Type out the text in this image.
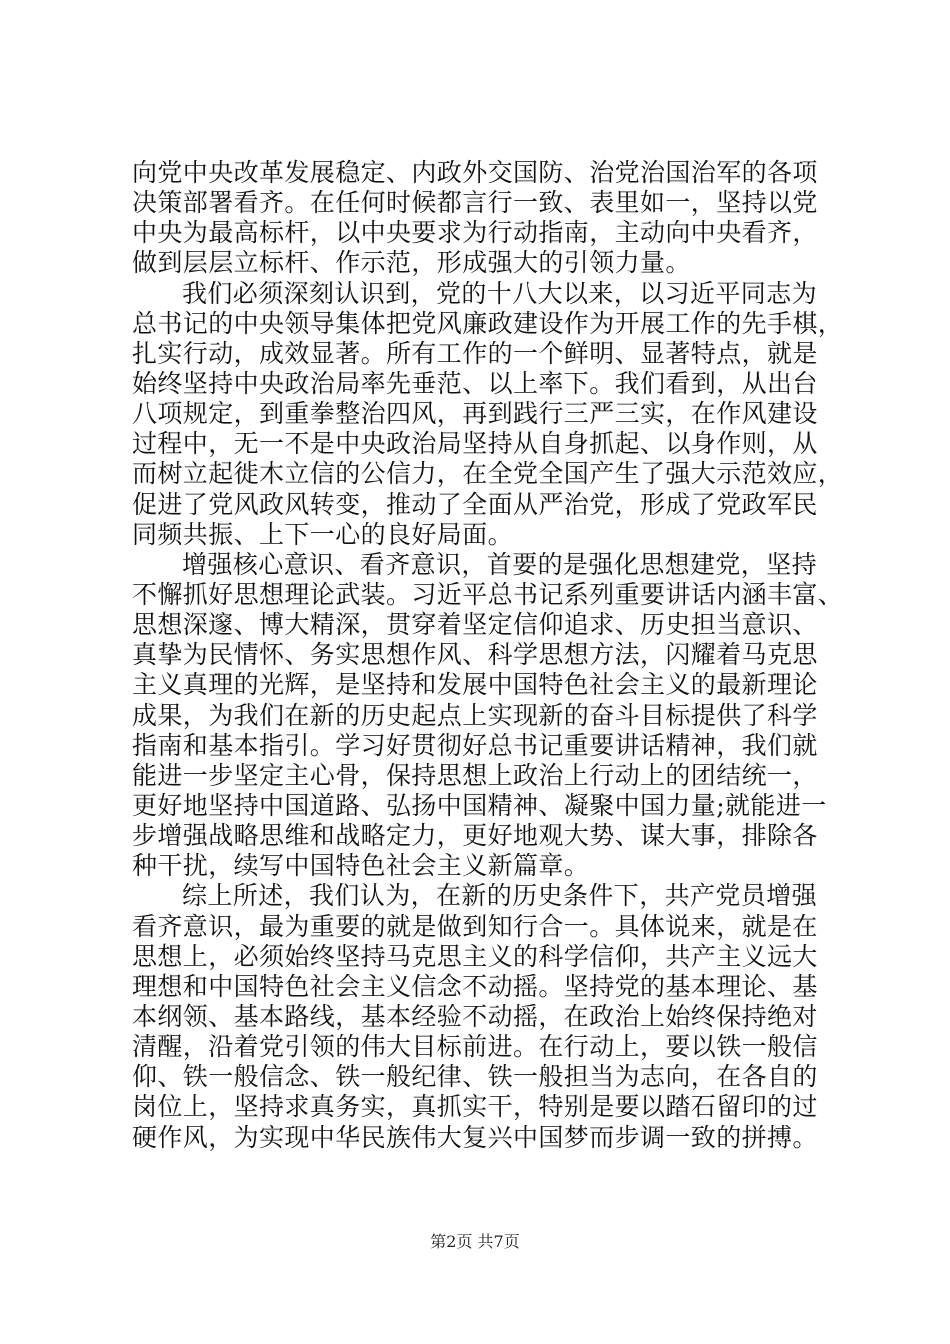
向党中央改革发展稳定、内政外交国防、治党治国治军的各项
决策部署看齐。在任何时候都言行一致、表里如一，坚持以党
中央为最高标杆，以中央要求为行动指南，主动向中央看齐，
做到层层立标杆、作示范，形成强大的引领力量。
我们必须深刻认识到，党的十八大以来，以习近平同志为
总书记的中央领导集体把党风廉政建设作为开展工作的先手棋，
扎实行动，成效显著。所有工作的一个鲜明、显著特点，就是
始终坚持中央政治局率先垂范、以上率下。我们看到，从出台
八项规定，到重拳整治四风，再到践行三严三实，在作风建设
过程中，无一不是中央政治局坚持从自身抓起、以身作则，从
而树立起徙木立信的公信力，在全党全国产生了强大示范效应，
促进了党风政风转变，推动了全面从严治党，形成了党政军民
同频共振、上下一心的良好局面。
增强核心意识、看齐意识，首要的是强化思想建党，坚持
不懈抓好思想理论武装。习近平总书记系列重要讲话内涵丰富、
思想深邃、博大精深，贯穿着坚定信仰追求、历史担当意识、
真挚为民情怀、务实思想作风、科学思想方法，闪耀着马克思
主义真理的光辉，是坚持和发展中国特色社会主义的最新理论
成果，为我们在新的历史起点上实现新的奋斗目标提供了科学
指南和基本指引。学习好贯彻好总书记重要讲话精神，我们就
能进一步坚定主心骨，保持思想上政治上行动上的团结统一，
更好地坚持中国道路、弘扬中国精神、凝聚中国力量;就能进一
步增强战略思维和战略定力，更好地观大势、谋大事，排除各
种干扰，续写中国特色社会主义新篇章。
综上所述，我们认为，在新的历史条件下，共产党员增强
看齐意识，最为重要的就是做到知行合一。具体说来，就是在
思想上，必须始终坚持马克思主义的科学信仰，共产主义远大
理想和中国特色社会主义信念不动摇。坚持党的基本理论、基
本纲领、基本路线，基本经验不动摇，在政治上始终保持绝对
清醒，沿着党引领的伟大目标前进。在行动上，要以铁一般信
仰、铁一般信念、铁一般纪律、铁一般担当为志向，在各自的
岗位上，坚持求真务实，真抓实干，特别是要以踏石留印的过
硬作风，为实现中华民族伟大复兴中国梦而步调一致的拼搏。
第2页 共7页
